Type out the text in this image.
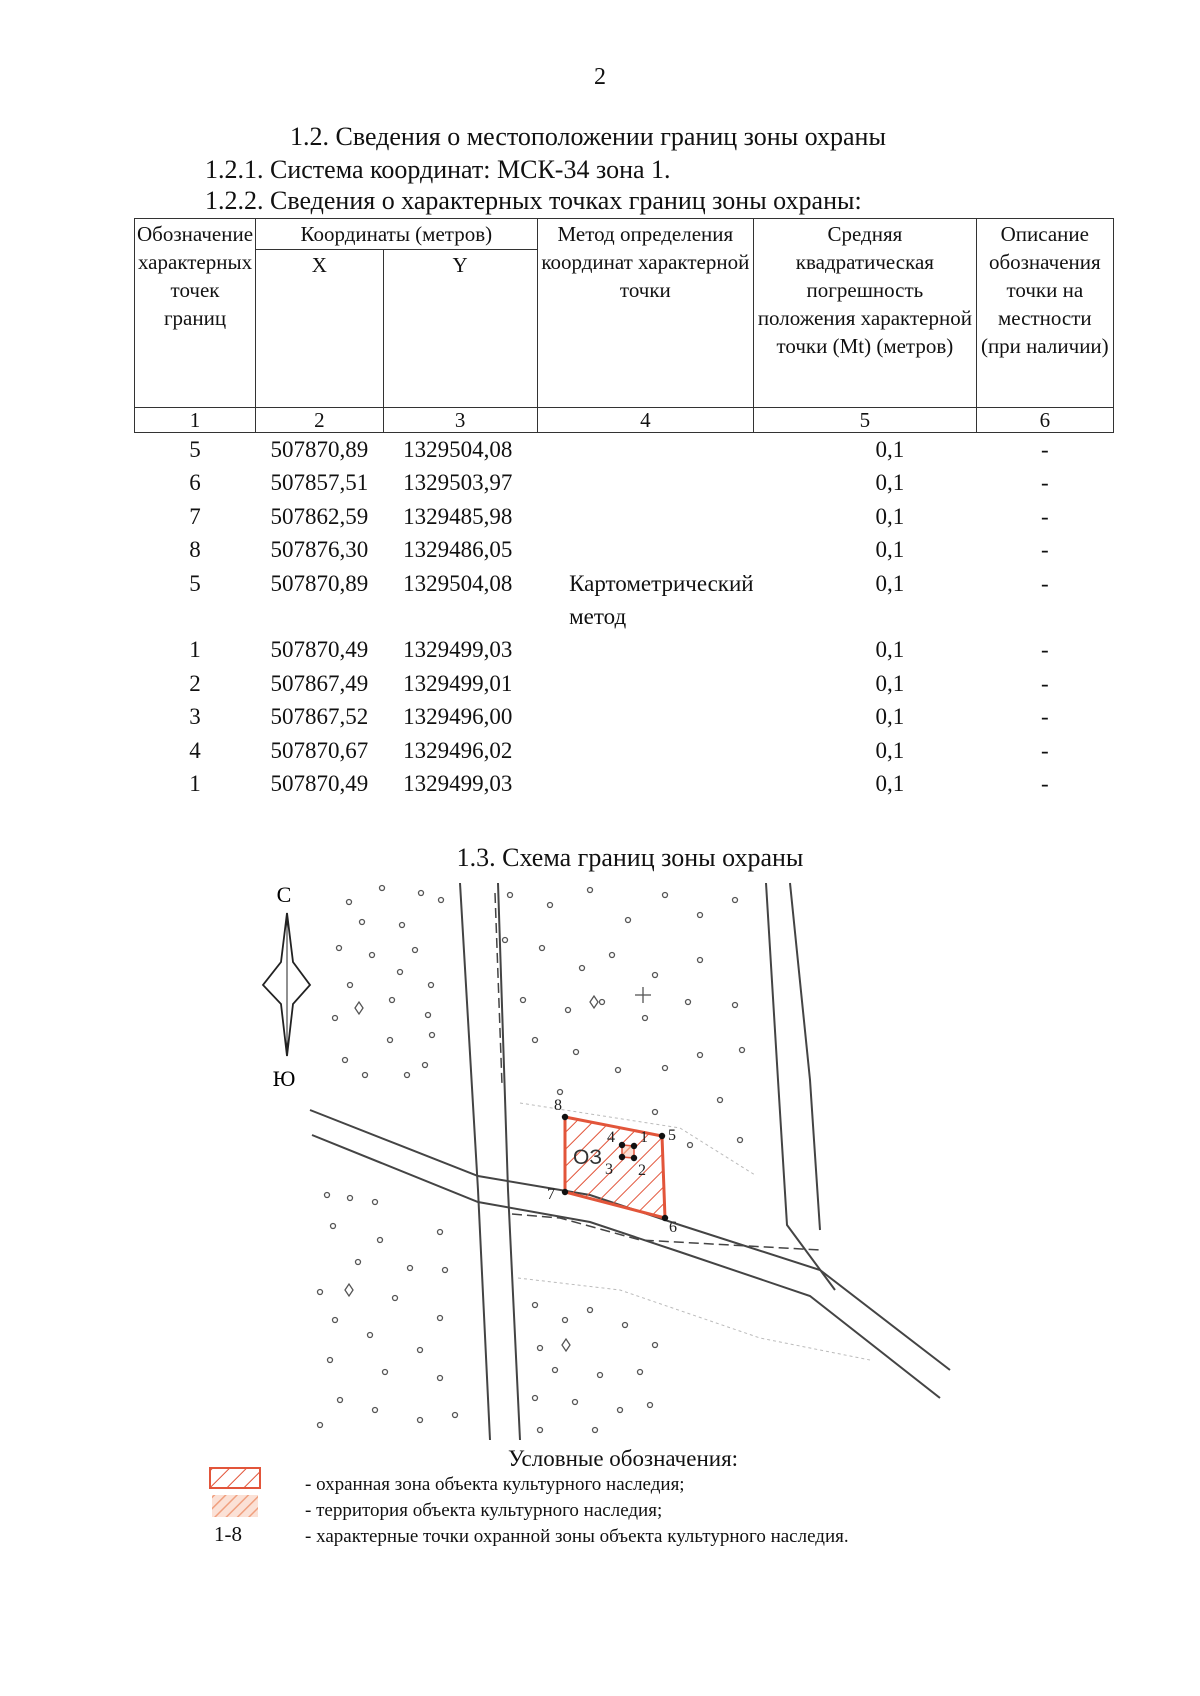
2
1.2. Сведения о местоположении границ зоны охраны
1.2.1. Система координат: МСК-34 зона 1.
1.2.2. Сведения о характерных точках границ зоны охраны:
Обозначение характерных точек границ	Координаты (метров)		Метод определения координат характерной точки	Средняя квадратическая погрешность положения характерной точки (Mt) (метров)	Описание обозначения точки на местности (при наличии)
	X	Y			
1	2	3	4	5	6
5	507870,89	1329504,08		0,1	-
6	507857,51	1329503,97		0,1	-
7	507862,59	1329485,98		0,1	-
8	507876,30	1329486,05		0,1	-
5	507870,89	1329504,08	Картометрический метод	0,1	-

1	507870,49	1329499,03		0,1	-
2	507867,49	1329499,01		0,1	-
3	507867,52	1329496,00		0,1	-
4	507870,67	1329496,02		0,1	-
1	507870,49	1329499,03		0,1	-
1.3. Схема границ зоны охраны
С
Ю
ОЗ
1
2
3
4	5
6
7
8
Условные обозначения:
- охранная зона объекта культурного наследия;
- территория объекта культурного наследия;
- характерные точки охранной зоны объекта культурного наследия.
1-8
